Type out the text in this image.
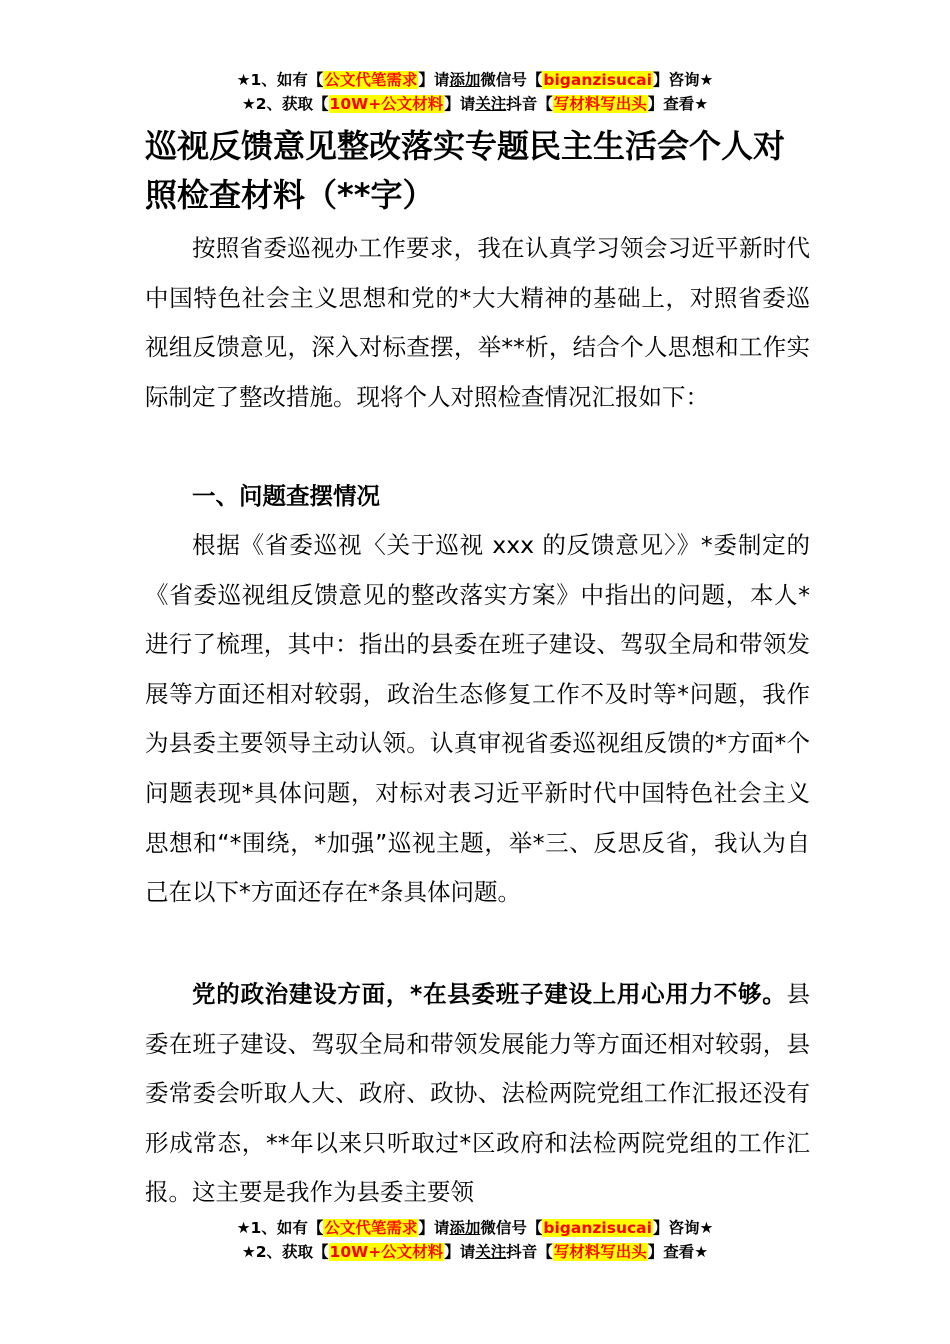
★1、如有【公文代笔需求】请添加微信号【biganzisucai】咨询★
★2、获取【10W+公文材料】请关注抖音【写材料写出头】查看★
巡视反馈意见整改落实专题民主生活会个人对照检查材料（**字）

按照省委巡视办工作要求，我在认真学习领会习近平新时代中国特色社会主义思想和党的*大大精神的基础上，对照省委巡视组反馈意见，深入对标查摆，举**析，结合个人思想和工作实际制定了整改措施。现将个人对照检查情况汇报如下：

一、问题查摆情况

根据《省委巡视〈关于巡视 xxx 的反馈意见〉》*委制定的《省委巡视组反馈意见的整改落实方案》中指出的问题，本人*进行了梳理，其中：指出的县委在班子建设、驾驭全局和带领发展等方面还相对较弱，政治生态修复工作不及时等*问题，我作为县委主要领导主动认领。认真审视省委巡视组反馈的*方面*个问题表现*具体问题，对标对表习近平新时代中国特色社会主义思想和“*围绕，*加强”巡视主题，举*三、反思反省，我认为自己在以下*方面还存在*条具体问题。

党的政治建设方面，*在县委班子建设上用心用力不够。县委在班子建设、驾驭全局和带领发展能力等方面还相对较弱，县委常委会听取人大、政府、政协、法检两院党组工作汇报还没有形成常态，**年以来只听取过*区政府和法检两院党组的工作汇报。这主要是我作为县委主要领

★1、如有【公文代笔需求】请添加微信号【biganzisucai】咨询★
★2、获取【10W+公文材料】请关注抖音【写材料写出头】查看★
